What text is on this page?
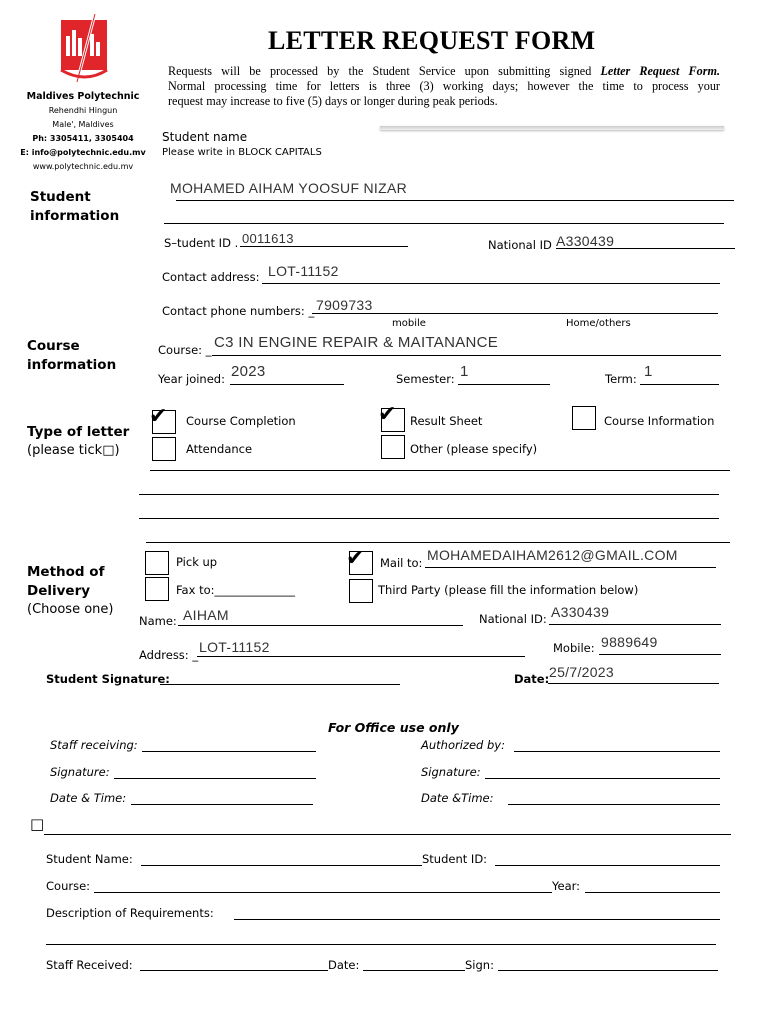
Maldives Polytechnic
Rehendhi Hingun
Male', Maldives
Ph: 3305411, 3305404
E: info@polytechnic.edu.mv
www.polytechnic.edu.mv
LETTER REQUEST FORM
Requests will be processed by the Student Service upon submitting signed Letter Request Form.
Normal processing time for letters is three (3) working days; however the time to process your
request may increase to five (5) days or longer during peak periods.
Student information
Student name
Please write in BLOCK CAPITALS
MOHAMED AIHAM YOOSUF NIZAR
S–tudent ID . 0011613	National ID A330439
Contact address: LOT-11152
Contact phone numbers: _ 7909733
mobile	Home/others
Course information
Course: _ C3 IN ENGINE REPAIR & MAITANANCE
Year joined: 2023	Semester: 1	Term: 1
Type of letter
(please tick□)
✔ Course Completion	✔ Result Sheet	Course Information
Attendance	Other (please specify)
Method of
Delivery
(Choose one)
Pick up	✔ Mail to: MOHAMEDAIHAM2612@GMAIL.COM
Fax to:______________	Third Party (please fill the information below)
Name: AIHAM	National ID: A330439
Address: _ LOT-11152	Mobile: 9889649
Student Signature:	Date: 25/7/2023
For Office use only
Staff receiving:	Authorized by:
Signature:	Signature:
Date & Time:	Date &Time:
□
Student Name:	Student ID:
Course:	Year:
Description of Requirements:
Staff Received:	Date:	Sign:
